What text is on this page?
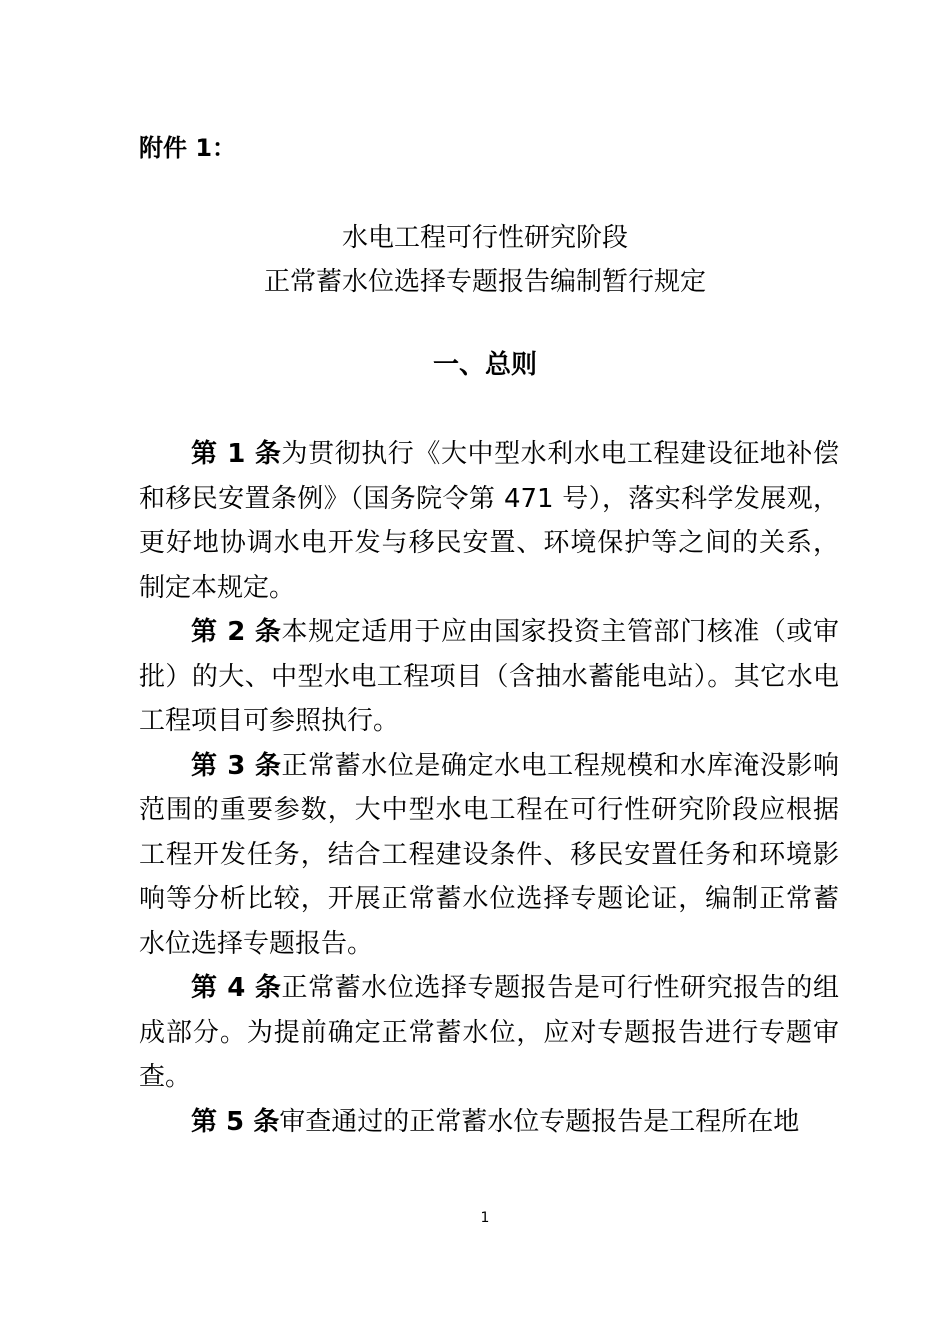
附件 1：
水电工程可行性研究阶段
正常蓄水位选择专题报告编制暂行规定
一、总则

第 1 条为贯彻执行《大中型水利水电工程建设征地补偿和移民安置条例》（国务院令第 471 号），落实科学发展观，更好地协调水电开发与移民安置、环境保护等之间的关系，制定本规定。

第 2 条本规定适用于应由国家投资主管部门核准（或审批）的大、中型水电工程项目（含抽水蓄能电站）。其它水电工程项目可参照执行。

第 3 条正常蓄水位是确定水电工程规模和水库淹没影响范围的重要参数，大中型水电工程在可行性研究阶段应根据工程开发任务，结合工程建设条件、移民安置任务和环境影响等分析比较，开展正常蓄水位选择专题论证，编制正常蓄水位选择专题报告。

第 4 条正常蓄水位选择专题报告是可行性研究报告的组成部分。为提前确定正常蓄水位，应对专题报告进行专题审查。

第 5 条审查通过的正常蓄水位专题报告是工程所在地

1
